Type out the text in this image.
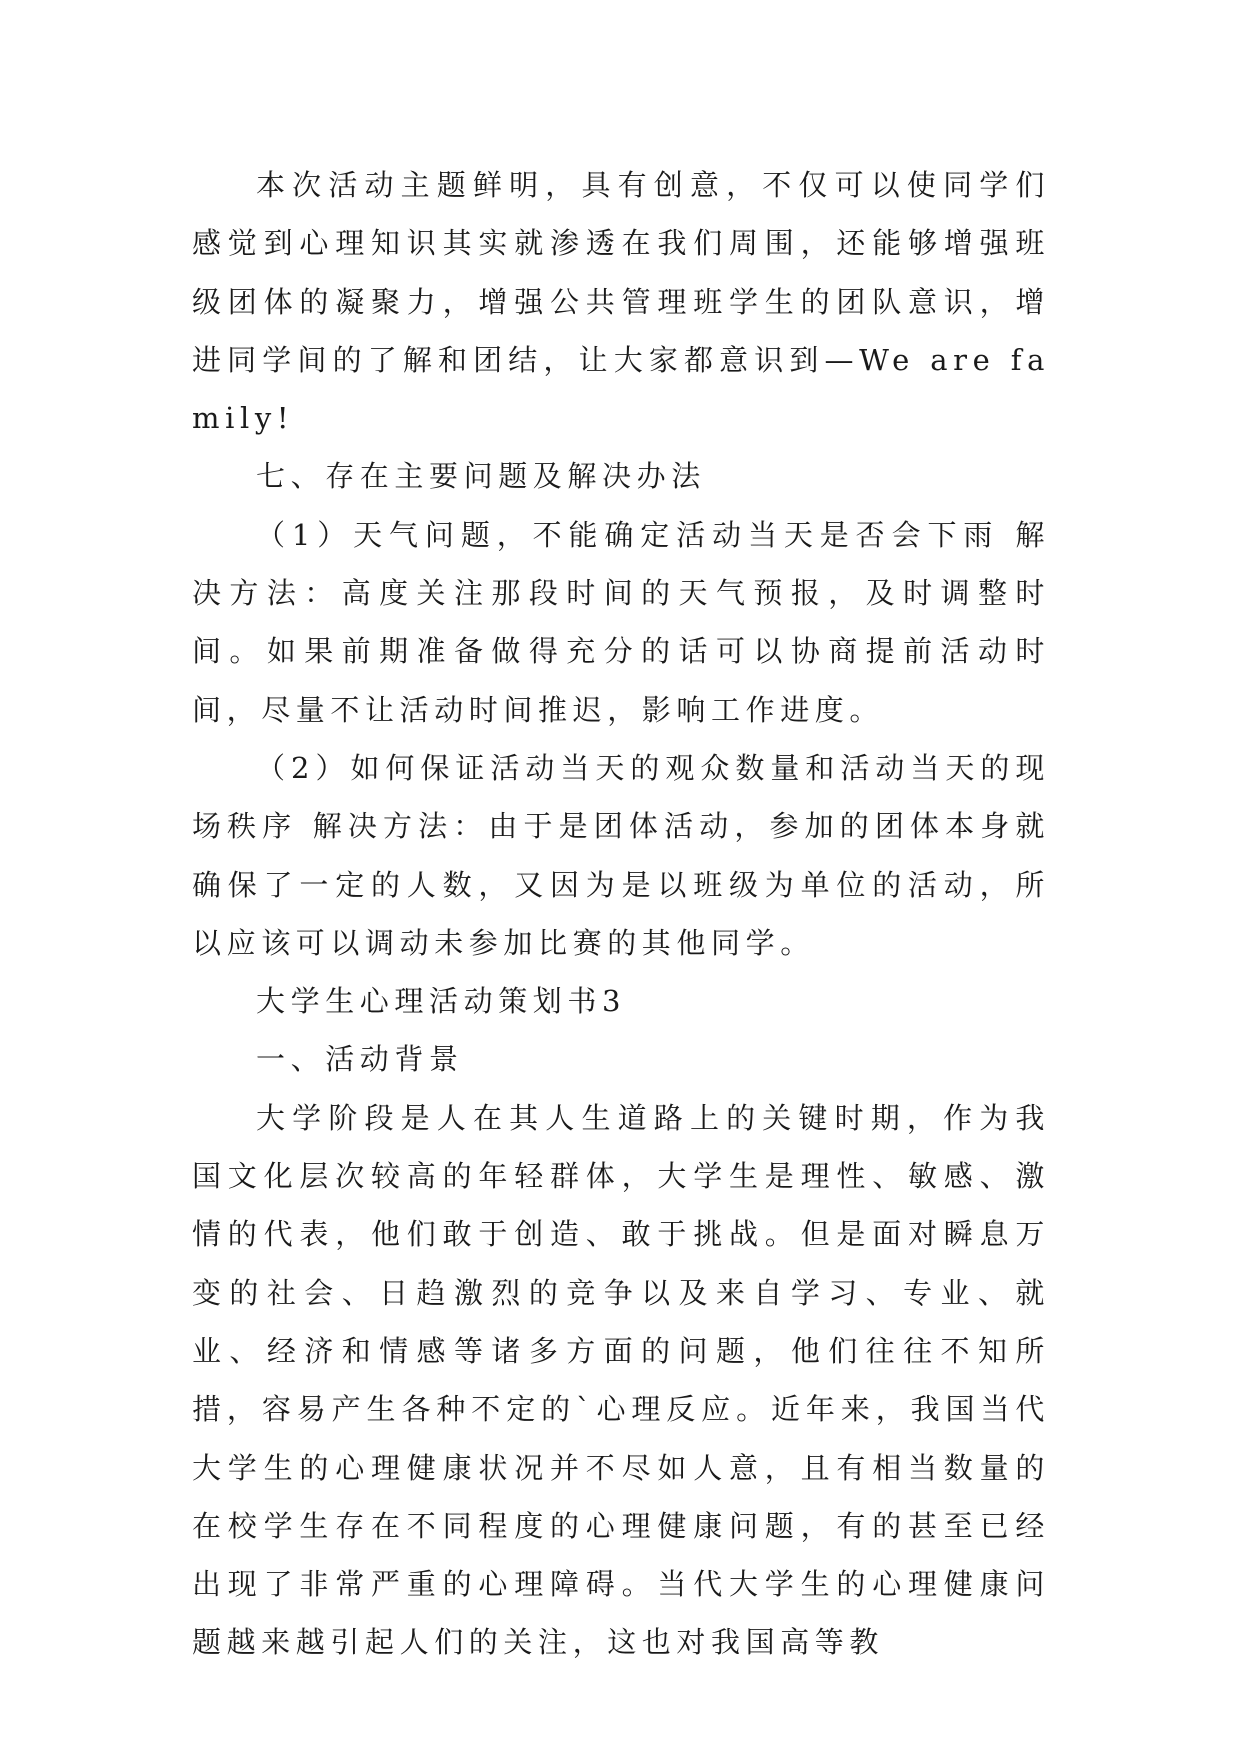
本次活动主题鲜明，具有创意，不仅可以使同学们感觉到心理知识其实就渗透在我们周围，还能够增强班级团体的凝聚力，增强公共管理班学生的团队意识，增进同学间的了解和团结，让大家都意识到—We are family!

七、存在主要问题及解决办法

（1）天气问题，不能确定活动当天是否会下雨 解决方法：高度关注那段时间的天气预报，及时调整时间。如果前期准备做得充分的话可以协商提前活动时间，尽量不让活动时间推迟，影响工作进度。

（2）如何保证活动当天的观众数量和活动当天的现场秩序 解决方法：由于是团体活动，参加的团体本身就确保了一定的人数，又因为是以班级为单位的活动，所以应该可以调动未参加比赛的其他同学。

大学生心理活动策划书3

一、活动背景

大学阶段是人在其人生道路上的关键时期，作为我国文化层次较高的年轻群体，大学生是理性、敏感、激情的代表，他们敢于创造、敢于挑战。但是面对瞬息万变的社会、日趋激烈的竞争以及来自学习、专业、就业、经济和情感等诸多方面的问题，他们往往不知所措，容易产生各种不定的`心理反应。近年来，我国当代大学生的心理健康状况并不尽如人意，且有相当数量的在校学生存在不同程度的心理健康问题，有的甚至已经出现了非常严重的心理障碍。当代大学生的心理健康问题越来越引起人们的关注，这也对我国高等教
